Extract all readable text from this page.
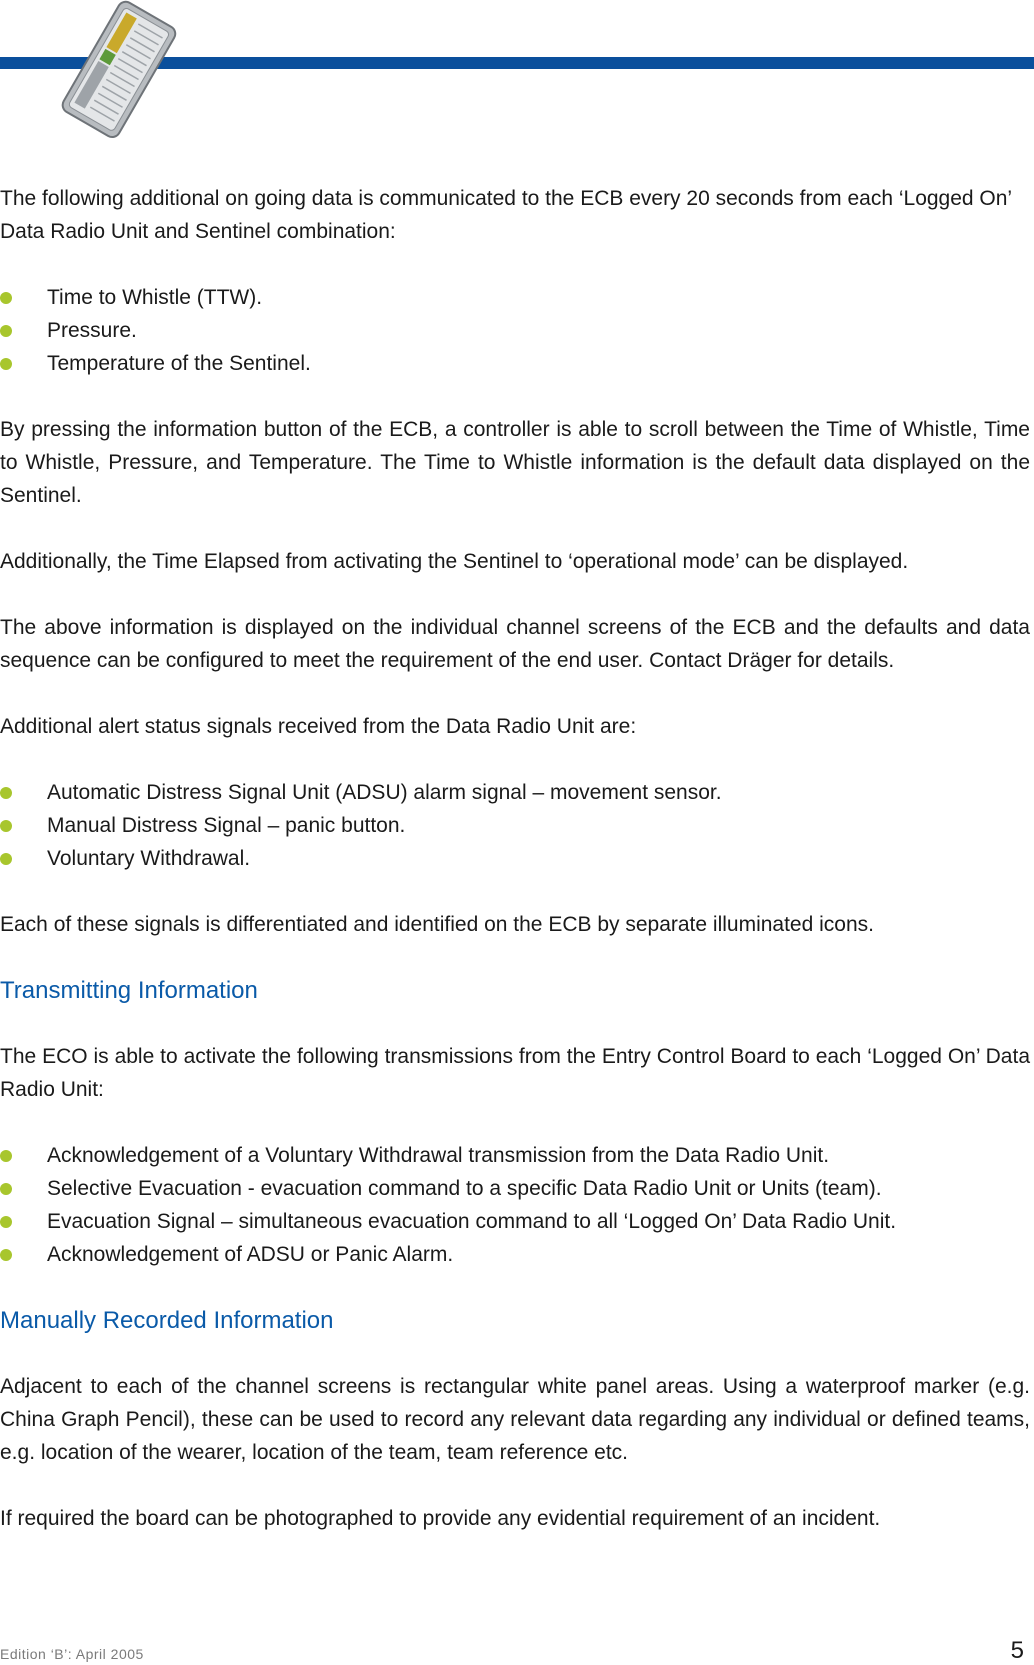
The following additional on going data is communicated to the ECB every 20 seconds from each ‘Logged On’ Data Radio Unit and Sentinel combination:

Time to Whistle (TTW).
Pressure.
Temperature of the Sentinel.

By pressing the information button of the ECB, a controller is able to scroll between the Time of Whistle, Time to Whistle, Pressure, and Temperature. The Time to Whistle information is the default data displayed on the Sentinel.

Additionally, the Time Elapsed from activating the Sentinel to ‘operational mode’ can be displayed.

The above information is displayed on the individual channel screens of the ECB and the defaults and data sequence can be configured to meet the requirement of the end user. Contact Dräger for details.

Additional alert status signals received from the Data Radio Unit are:

Automatic Distress Signal Unit (ADSU) alarm signal – movement sensor.
Manual Distress Signal – panic button.
Voluntary Withdrawal.

Each of these signals is differentiated and identified on the ECB by separate illuminated icons.

Transmitting Information

The ECO is able to activate the following transmissions from the Entry Control Board to each ‘Logged On’ Data Radio Unit:

Acknowledgement of a Voluntary Withdrawal transmission from the Data Radio Unit.
Selective Evacuation - evacuation command to a specific Data Radio Unit or Units (team).
Evacuation Signal – simultaneous evacuation command to all ‘Logged On’ Data Radio Unit.
Acknowledgement of ADSU or Panic Alarm.
Manually Recorded Information

Adjacent to each of the channel screens is rectangular white panel areas. Using a waterproof marker (e.g. China Graph Pencil), these can be used to record any relevant data regarding any individual or defined teams, e.g. location of the wearer, location of the team, team reference etc.

If required the board can be photographed to provide any evidential requirement of an incident.

Edition ‘B’: April 2005	5
